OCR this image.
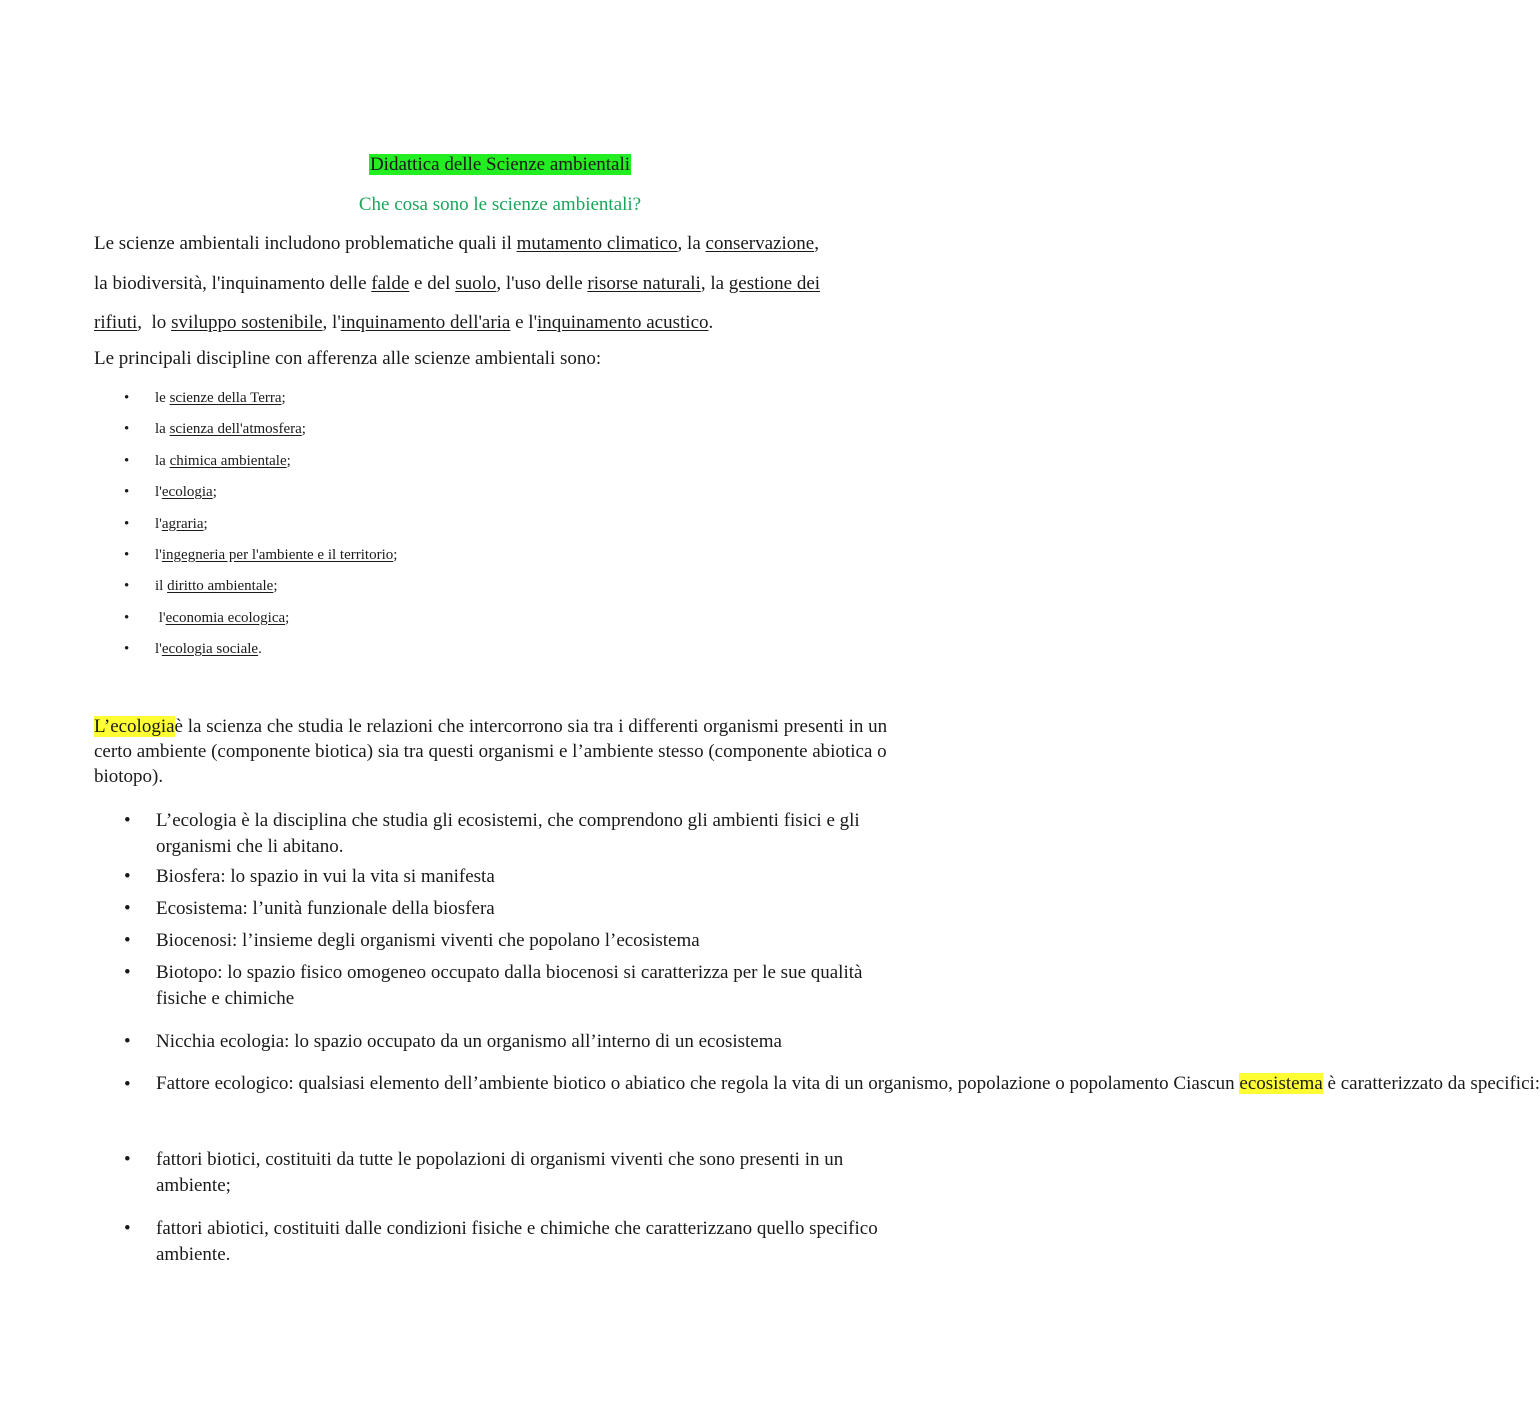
Didattica delle Scienze ambientali
Che cosa sono le scienze ambientali?
Le scienze ambientali includono problematiche quali il mutamento climatico, la conservazione,
la biodiversità, l'inquinamento delle falde e del suolo, l'uso delle risorse naturali, la gestione dei
rifiuti,  lo sviluppo sostenibile, l'inquinamento dell'aria e l'inquinamento acustico.
Le principali discipline con afferenza alle scienze ambientali sono:
• le scienze della Terra;
• la scienza dell'atmosfera;
• la chimica ambientale;
• l'ecologia;
• l'agraria;
• l'ingegneria per l'ambiente e il territorio;
• il diritto ambientale;
• l'economia ecologica;
• l'ecologia sociale.
L’ecologiaè la scienza che studia le relazioni che intercorrono sia tra i differenti organismi presenti in un certo ambiente (componente biotica) sia tra questi organismi e l’ambiente stesso (componente abiotica o biotopo).
• L’ecologia è la disciplina che studia gli ecosistemi, che comprendono gli ambienti fisici e gli organismi che li abitano.
• Biosfera: lo spazio in vui la vita si manifesta
• Ecosistema: l’unità funzionale della biosfera
• Biocenosi: l’insieme degli organismi viventi che popolano l’ecosistema
• Biotopo: lo spazio fisico omogeneo occupato dalla biocenosi si caratterizza per le sue qualità fisiche e chimiche
• Nicchia ecologia: lo spazio occupato da un organismo all’interno di un ecosistema
• Fattore ecologico: qualsiasi elemento dell’ambiente biotico o abiatico che regola la vita di un organismo, popolazione o popolamento Ciascun ecosistema è caratterizzato da specifici:
• fattori biotici, costituiti da tutte le popolazioni di organismi viventi che sono presenti in un ambiente;
• fattori abiotici, costituiti dalle condizioni fisiche e chimiche che caratterizzano quello specifico ambiente.
